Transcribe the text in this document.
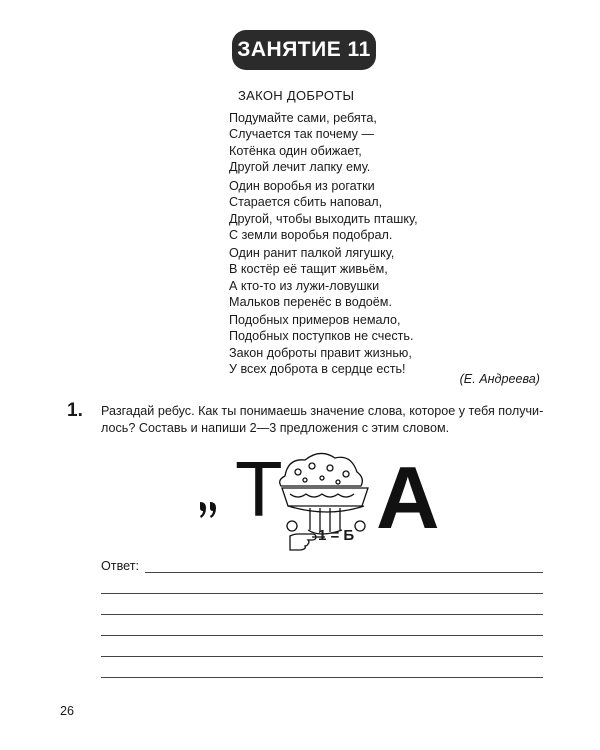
ЗАНЯТИЕ 11
ЗАКОН ДОБРОТЫ
Подумайте сами, ребята,
Случается так почему —
Котёнка один обижает,
Другой лечит лапку ему.
Один воробья из рогатки
Старается сбить наповал,
Другой, чтобы выходить пташку,
С земли воробья подобрал.
Один ранит палкой лягушку,
В костёр её тащит живьём,
А кто-то из лужи-ловушки
Мальков перенёс в водоём.
Подобных примеров немало,
Подобных поступков не счесть.
Закон доброты правит жизнью,
У всех доброта в сердце есть!
(Е. Андреева)
1. Разгадай ребус. Как ты понимаешь значение слова, которое у тебя получи-
лось? Составь и напиши 2—3 предложения с этим словом.
Т А
1 = Б
Ответ:
26
